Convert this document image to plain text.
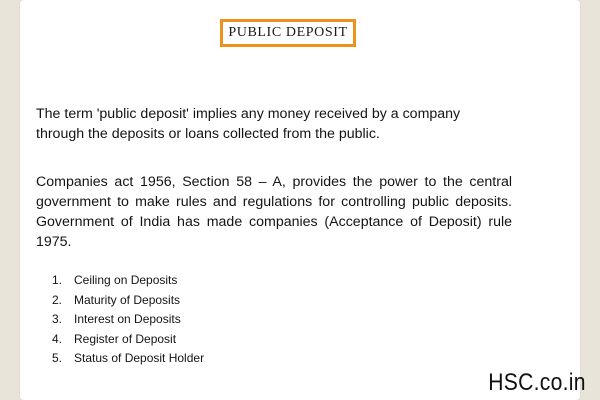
PUBLIC DEPOSIT

The term 'public deposit' implies any money received by a company through the deposits or loans collected from the public.

Companies act 1956, Section 58 – A, provides the power to the central government to make rules and regulations for controlling public deposits. Government of India has made companies (Acceptance of Deposit) rule 1975.

1. Ceiling on Deposits
2. Maturity of Deposits
3. Interest on Deposits
4. Register of Deposit
5. Status of Deposit Holder
HSC.co.in
